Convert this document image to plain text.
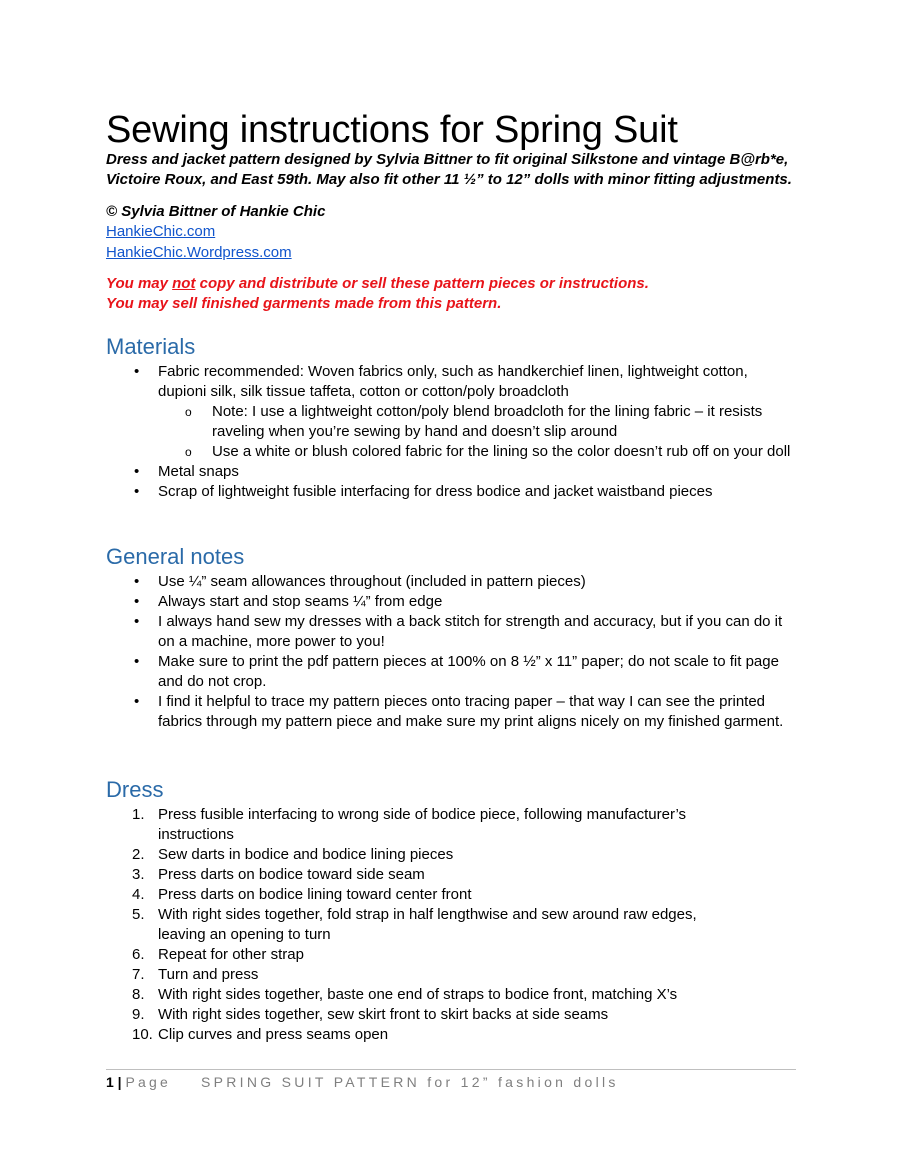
Sewing instructions for Spring Suit

Dress and jacket pattern designed by Sylvia Bittner to fit original Silkstone and vintage B@rb*e, Victoire Roux, and East 59th. May also fit other 11 ½” to 12” dolls with minor fitting adjustments.

© Sylvia Bittner of Hankie Chic
HankieChic.com
HankieChic.Wordpress.com
You may not copy and distribute or sell these pattern pieces or instructions.
You may sell finished garments made from this pattern.
Materials
• Fabric recommended: Woven fabrics only, such as handkerchief linen, lightweight cotton, dupioni silk, silk tissue taffeta, cotton or cotton/poly broadcloth
o Note: I use a lightweight cotton/poly blend broadcloth for the lining fabric – it resists raveling when you’re sewing by hand and doesn’t slip around
o Use a white or blush colored fabric for the lining so the color doesn’t rub off on your doll
• Metal snaps
• Scrap of lightweight fusible interfacing for dress bodice and jacket waistband pieces
General notes
• Use ¼” seam allowances throughout (included in pattern pieces)
• Always start and stop seams ¼” from edge
• I always hand sew my dresses with a back stitch for strength and accuracy, but if you can do it on a machine, more power to you!
• Make sure to print the pdf pattern pieces at 100% on 8 ½” x 11” paper; do not scale to fit page and do not crop.
• I find it helpful to trace my pattern pieces onto tracing paper – that way I can see the printed fabrics through my pattern piece and make sure my print aligns nicely on my finished garment.
Dress
1. Press fusible interfacing to wrong side of bodice piece, following manufacturer’s instructions
2. Sew darts in bodice and bodice lining pieces
3. Press darts on bodice toward side seam
4. Press darts on bodice lining toward center front
5. With right sides together, fold strap in half lengthwise and sew around raw edges, leaving an opening to turn
6. Repeat for other strap
7. Turn and press
8. With right sides together, baste one end of straps to bodice front, matching X’s
9. With right sides together, sew skirt front to skirt backs at side seams
10. Clip curves and press seams open
1 | Page SPRING SUIT PATTERN for 12” fashion dolls
